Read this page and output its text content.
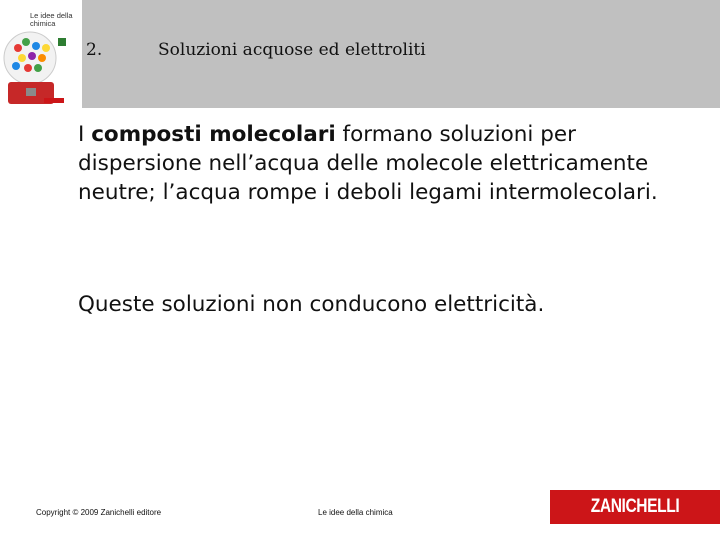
Le idee della
chimica
2.	Soluzioni acquose ed elettroliti

I composti molecolari formano soluzioni per dispersione nell’acqua delle molecole elettricamente neutre; l’acqua rompe i deboli legami intermolecolari.

Queste soluzioni non conducono elettricità.

Copyright © 2009 Zanichelli editore	Le idee della chimica	ZANICHELLI
